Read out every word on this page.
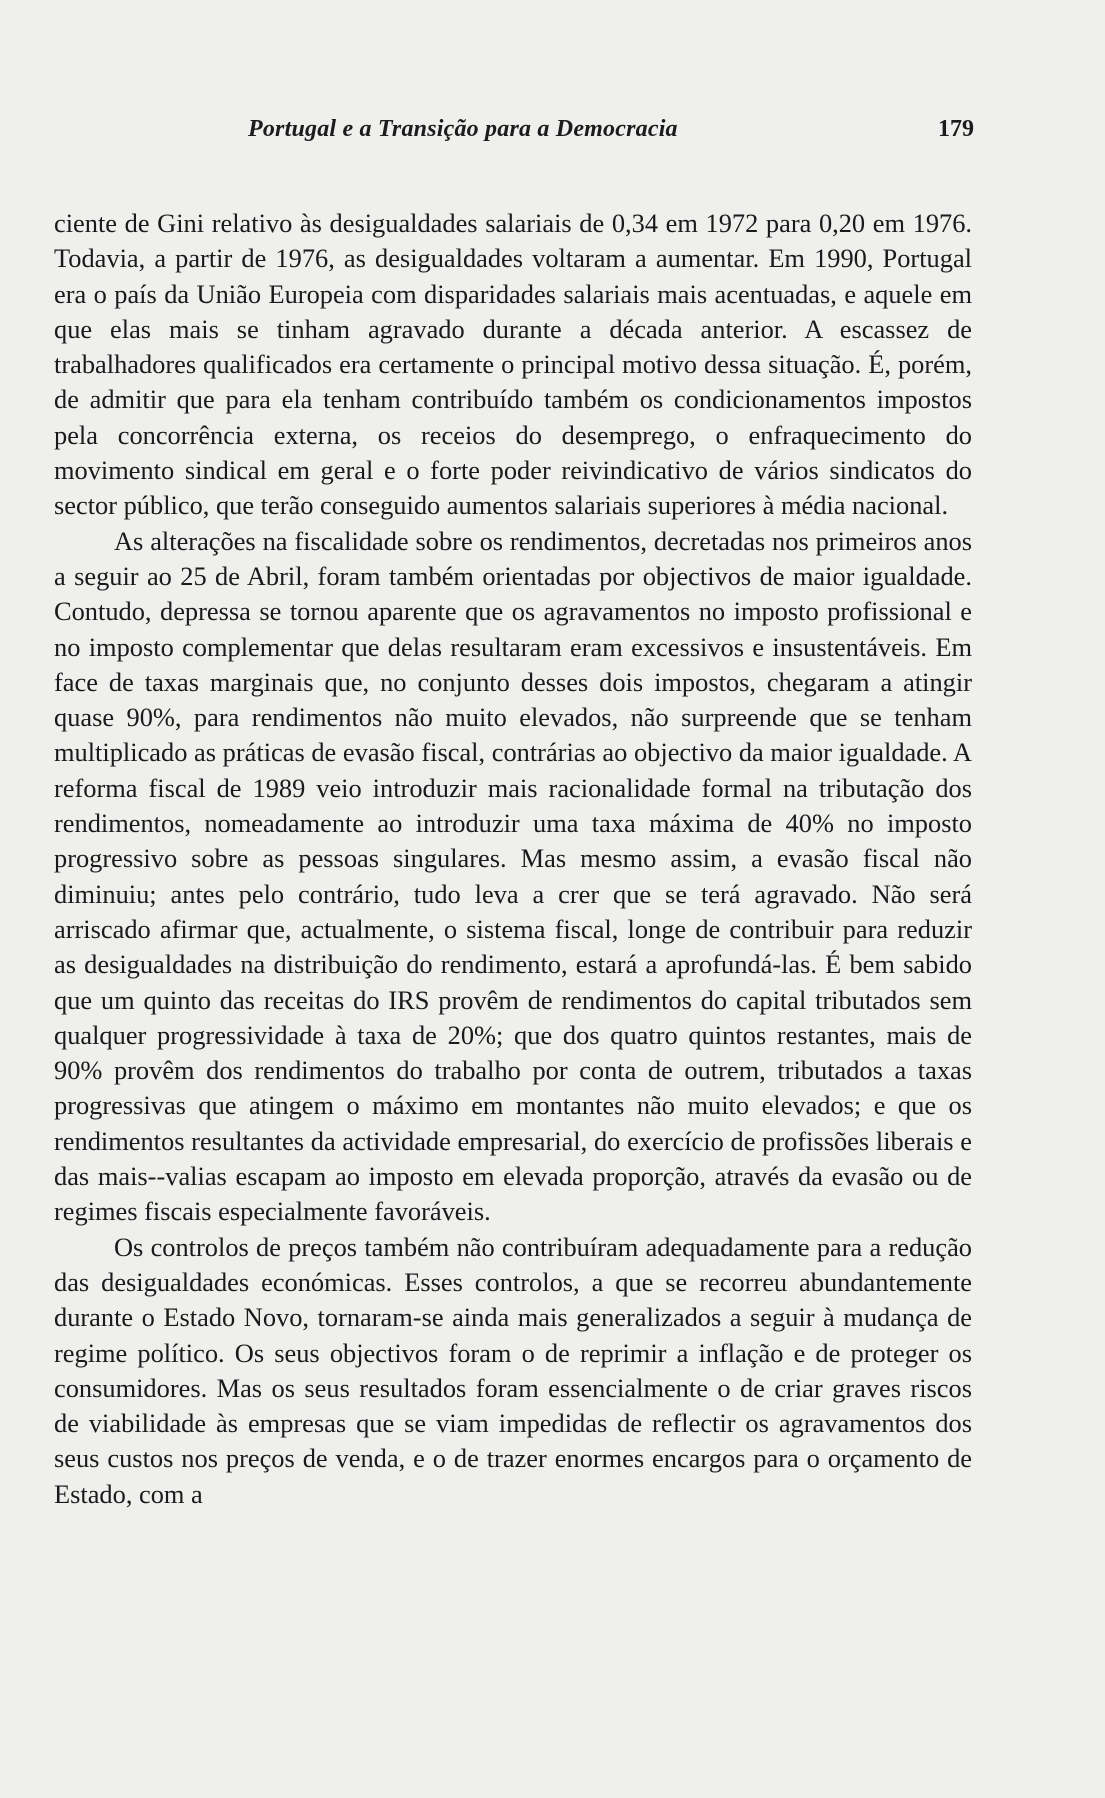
Portugal e a Transição para a Democracia	179

ciente de Gini relativo às desigualdades salariais de 0,34 em 1972 para 0,20 em 1976. Todavia, a partir de 1976, as desigualdades voltaram a aumentar. Em 1990, Portugal era o país da União Europeia com disparidades salariais mais acentuadas, e aquele em que elas mais se tinham agravado durante a década anterior. A escassez de trabalhadores qualificados era certamente o principal motivo dessa situação. É, porém, de admitir que para ela tenham contribuído também os condicionamentos impostos pela concorrência externa, os receios do desemprego, o enfraquecimento do movimento sindical em geral e o forte poder reivindicativo de vários sindicatos do sector público, que terão conseguido aumentos salariais superiores à média nacional.

As alterações na fiscalidade sobre os rendimentos, decretadas nos primeiros anos a seguir ao 25 de Abril, foram também orientadas por objectivos de maior igualdade. Contudo, depressa se tornou aparente que os agravamentos no imposto profissional e no imposto complementar que delas resultaram eram excessivos e insustentáveis. Em face de taxas marginais que, no conjunto desses dois impostos, chegaram a atingir quase 90%, para rendimentos não muito elevados, não surpreende que se tenham multiplicado as práticas de evasão fiscal, contrárias ao objectivo da maior igualdade. A reforma fiscal de 1989 veio introduzir mais racionalidade formal na tributação dos rendimentos, nomeadamente ao introduzir uma taxa máxima de 40% no imposto progressivo sobre as pessoas singulares. Mas mesmo assim, a evasão fiscal não diminuiu; antes pelo contrário, tudo leva a crer que se terá agravado. Não será arriscado afirmar que, actualmente, o sistema fiscal, longe de contribuir para reduzir as desigualdades na distribuição do rendimento, estará a aprofundá-las. É bem sabido que um quinto das receitas do IRS provêm de rendimentos do capital tributados sem qualquer progressividade à taxa de 20%; que dos quatro quintos restantes, mais de 90% provêm dos rendimentos do trabalho por conta de outrem, tributados a taxas progressivas que atingem o máximo em montantes não muito elevados; e que os rendimentos resultantes da actividade empresarial, do exercício de profissões liberais e das mais--valias escapam ao imposto em elevada proporção, através da evasão ou de regimes fiscais especialmente favoráveis.

Os controlos de preços também não contribuíram adequadamente para a redução das desigualdades económicas. Esses controlos, a que se recorreu abundantemente durante o Estado Novo, tornaram-se ainda mais generalizados a seguir à mudança de regime político. Os seus objectivos foram o de reprimir a inflação e de proteger os consumidores. Mas os seus resultados foram essencialmente o de criar graves riscos de viabilidade às empresas que se viam impedidas de reflectir os agravamentos dos seus custos nos preços de venda, e o de trazer enormes encargos para o orçamento de Estado, com a
